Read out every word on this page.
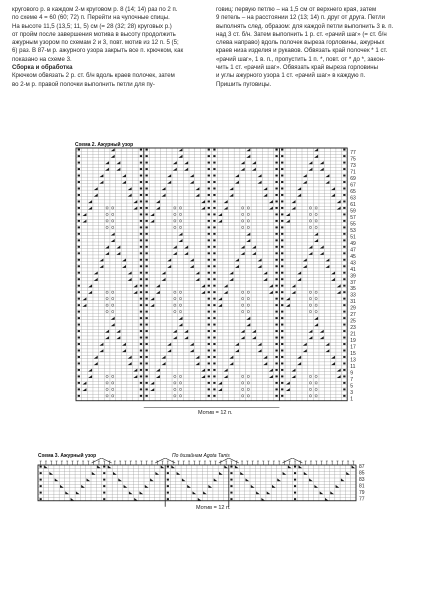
кругового р. в каждом 2-м круговом р. 8 (14; 14) раз по 2 п.

по схеме 4 = 60 (60; 72) п. Перейти на чулочные спицы.

На высоте 11,5 (13,5; 11, 5) см (= 28 (32; 28) круговых р.)

от пройм после завершения мотива в высоту продолжить

ажурным узором по схемам 2 и 3, повт. мотив из 12 п. 5 (5;

6) раз. В 87-м р. ажурного узора закрыть все п. крючком, как

показано на схеме 3.

Сборка и обработка

Крючком обвязать 2 р. ст. б/н вдоль краев полочек, затем

во 2-м р. правой полочки выполнить петли для пу-

говиц: первую петлю – на 1,5 см от верхнего края, затем

9 петель – на расстоянии 12 (13; 14) п. друг от друга. Петли

выполнять след. образом: для каждой петли выполнить 3 в. п.

над 3 ст. б/н. Затем выполнить 1 р. ст. «рачий шаг» (= ст. б/н

слева направо) вдоль полочек выреза горловины, ажурных

краев низа изделия и рукавов. Обвязать край полочек * 1 ст.

«рачий шаг», 1 в. п., пропустить 1 п. *, повт. от * до *, закон-

чить 1 ст. «рачий шаг». Обвязать край выреза горловины

и углы ажурного узора 1 ст. «рачий шаг» в каждую п.

Пришить пуговицы.

Схема 2. Ажурный узор
77
75
73
71
69
67
65
63
61
59
57
55
53
51
49
47
45
43
41
39
37
35
33
31
29
27
25
23
21
19
17
15
13
11
9
7
5
3
1
Мотив = 12 п.
Схема 3. Ажурный узор	По дизайнам Agota Tanis
87
85
83
81
79
77
Мотив = 12 п.
